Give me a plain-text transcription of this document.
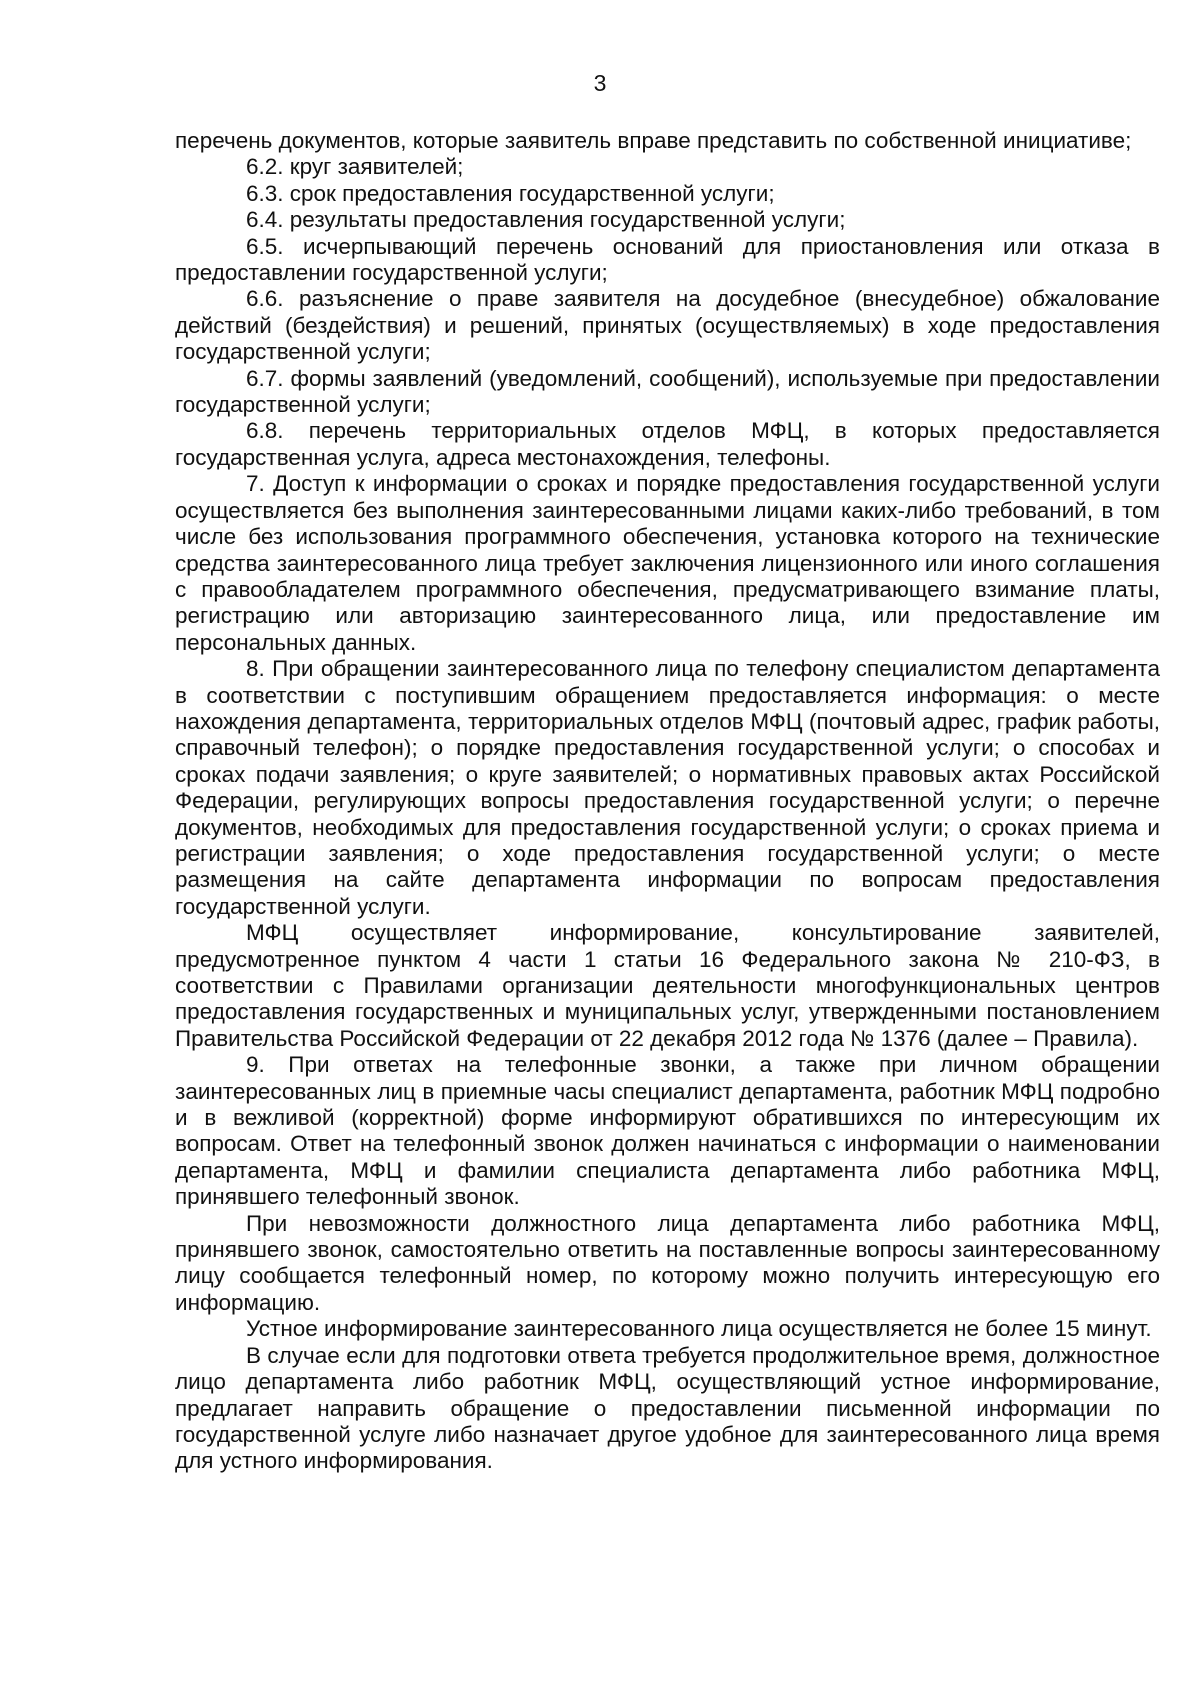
3

перечень документов, которые заявитель вправе представить по собственной инициативе;

6.2. круг заявителей;

6.3. срок предоставления государственной услуги;

6.4. результаты предоставления государственной услуги;

6.5. исчерпывающий перечень оснований для приостановления или отказа в предоставлении государственной услуги;

6.6. разъяснение о праве заявителя на досудебное (внесудебное) обжалование действий (бездействия) и решений, принятых (осуществляемых) в ходе предоставления государственной услуги;

6.7. формы заявлений (уведомлений, сообщений), используемые при предоставлении государственной услуги;

6.8. перечень территориальных отделов МФЦ, в которых предоставляется государственная услуга, адреса местонахождения, телефоны.

7. Доступ к информации о сроках и порядке предоставления государственной услуги осуществляется без выполнения заинтересованными лицами каких-либо требований, в том числе без использования программного обеспечения, установка которого на технические средства заинтересованного лица требует заключения лицензионного или иного соглашения с правообладателем программного обеспечения, предусматривающего взимание платы, регистрацию или авторизацию заинтересованного лица, или предоставление им персональных данных.

8. При обращении заинтересованного лица по телефону специалистом департамента в соответствии с поступившим обращением предоставляется информация: о месте нахождения департамента, территориальных отделов МФЦ (почтовый адрес, график работы, справочный телефон); о порядке предоставления государственной услуги; о способах и сроках подачи заявления; о круге заявителей; о нормативных правовых актах Российской Федерации, регулирующих вопросы предоставления государственной услуги; о перечне документов, необходимых для предоставления государственной услуги; о сроках приема и регистрации заявления; о ходе предоставления государственной услуги; о месте размещения на сайте департамента информации по вопросам предоставления государственной услуги.

МФЦ осуществляет информирование, консультирование заявителей, предусмотренное пунктом 4 части 1 статьи 16 Федерального закона № 210-ФЗ, в соответствии с Правилами организации деятельности многофункциональных центров предоставления государственных и муниципальных услуг, утвержденными постановлением Правительства Российской Федерации от 22 декабря 2012 года № 1376 (далее – Правила).

9. При ответах на телефонные звонки, а также при личном обращении заинтересованных лиц в приемные часы специалист департамента, работник МФЦ подробно и в вежливой (корректной) форме информируют обратившихся по интересующим их вопросам. Ответ на телефонный звонок должен начинаться с информации о наименовании департамента, МФЦ и фамилии специалиста департамента либо работника МФЦ, принявшего телефонный звонок.

При невозможности должностного лица департамента либо работника МФЦ, принявшего звонок, самостоятельно ответить на поставленные вопросы заинтересованному лицу сообщается телефонный номер, по которому можно получить интересующую его информацию.

Устное информирование заинтересованного лица осуществляется не более 15 минут.

В случае если для подготовки ответа требуется продолжительное время, должностное лицо департамента либо работник МФЦ, осуществляющий устное информирование, предлагает направить обращение о предоставлении письменной информации по государственной услуге либо назначает другое удобное для заинтересованного лица время для устного информирования.
